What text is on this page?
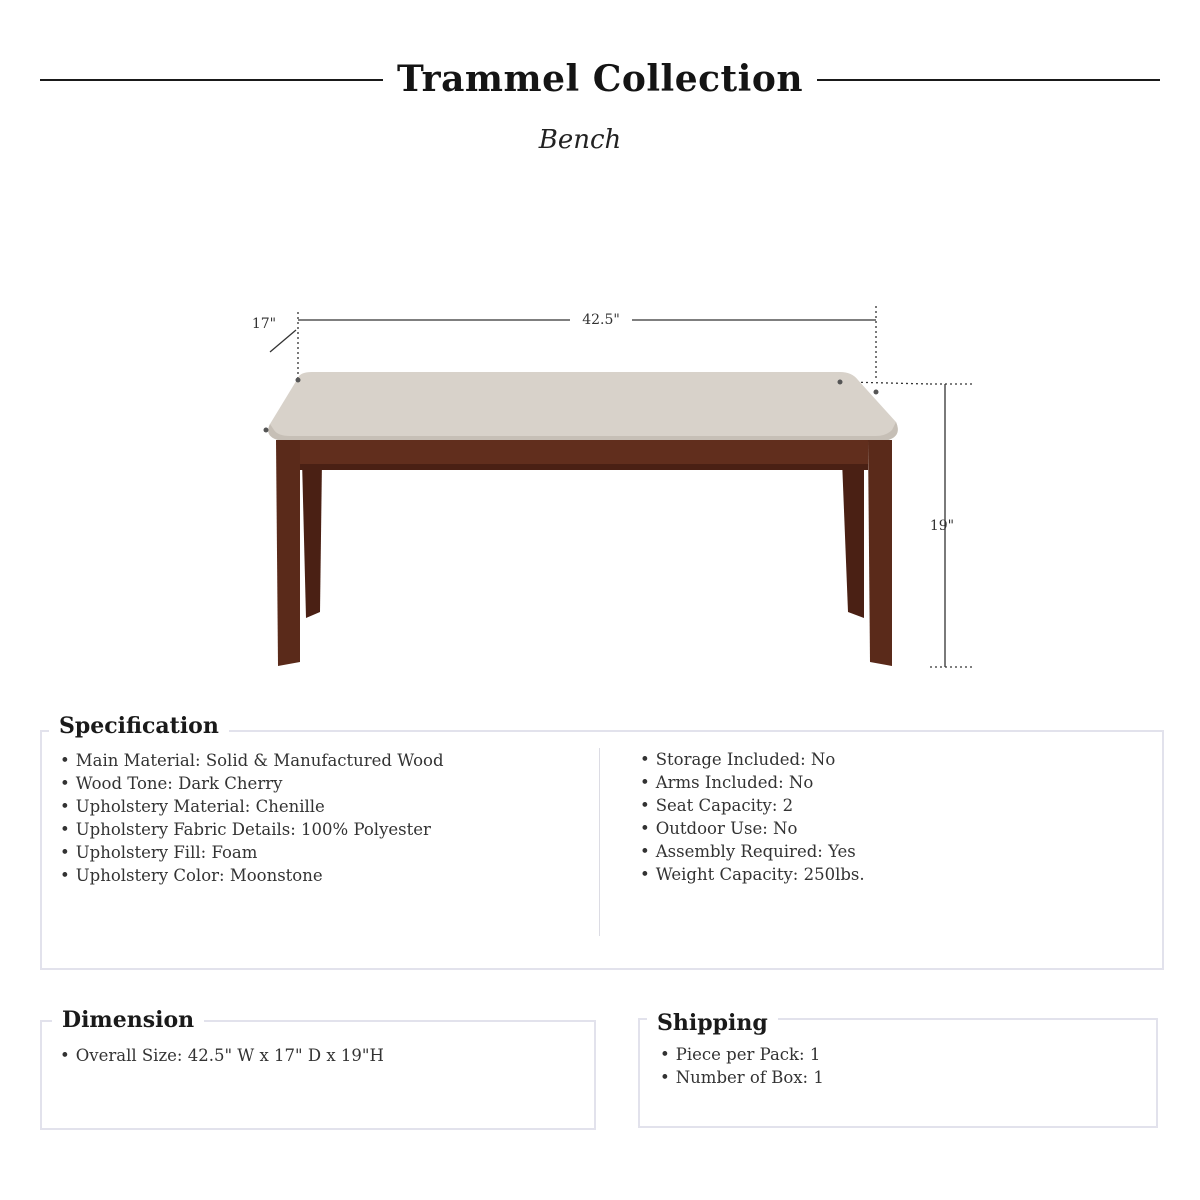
Trammel Collection
Bench
42.5"
17"
19"
Specification
• Main Material: Solid & Manufactured Wood
• Wood Tone: Dark Cherry
• Upholstery Material: Chenille
• Upholstery Fabric Details: 100% Polyester
• Upholstery Fill: Foam
• Upholstery Color: Moonstone
• Storage Included: No
• Arms Included: No
• Seat Capacity: 2
• Outdoor Use: No
• Assembly Required: Yes
• Weight Capacity: 250lbs.
Dimension
• Overall Size: 42.5" W x 17" D x 19"H
Shipping
• Piece per Pack: 1
• Number of Box: 1
